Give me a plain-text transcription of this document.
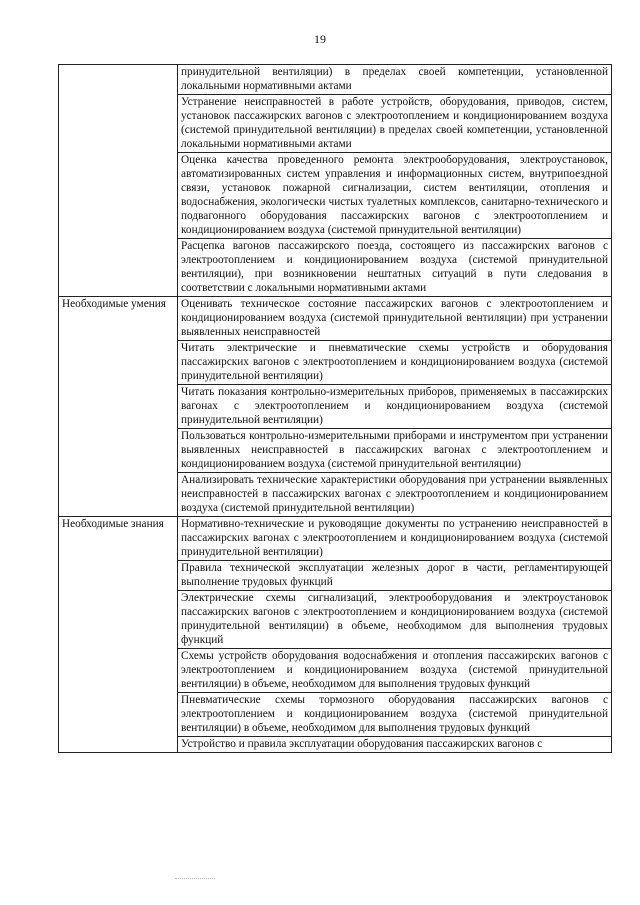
19
	принудительной вентиляции) в пределах своей компетенции, установленной локальными нормативными актами
	Устранение неисправностей в работе устройств, оборудования, приводов, систем, установок пассажирских вагонов с электроотоплением и кондиционированием воздуха (системой принудительной вентиляции) в пределах своей компетенции, установленной локальными нормативными актами
	Оценка качества проведенного ремонта электрооборудования, электроустановок, автоматизированных систем управления и информационных систем, внутрипоездной связи, установок пожарной сигнализации, систем вентиляции, отопления и водоснабжения, экологически чистых туалетных комплексов, санитарно-технического и подвагонного оборудования пассажирских вагонов с электроотоплением и кондиционированием воздуха (системой принудительной вентиляции)
	Расцепка вагонов пассажирского поезда, состоящего из пассажирских вагонов с электроотоплением и кондиционированием воздуха (системой принудительной вентиляции), при возникновении нештатных ситуаций в пути следования в соответствии с локальными нормативными актами

Необходимые умения	Оценивать техническое состояние пассажирских вагонов с электроотоплением и кондиционированием воздуха (системой принудительной вентиляции) при устранении выявленных неисправностей
	Читать электрические и пневматические схемы устройств и оборудования пассажирских вагонов с электроотоплением и кондиционированием воздуха (системой принудительной вентиляции)
	Читать показания контрольно-измерительных приборов, применяемых в пассажирских вагонах с электроотоплением и кондиционированием воздуха (системой принудительной вентиляции)
	Пользоваться контрольно-измерительными приборами и инструментом при устранении выявленных неисправностей в пассажирских вагонах с электроотоплением и кондиционированием воздуха (системой принудительной вентиляции)
	Анализировать технические характеристики оборудования при устранении выявленных неисправностей в пассажирских вагонах с электроотоплением и кондиционированием воздуха (системой принудительной вентиляции)

Необходимые знания	Нормативно-технические и руководящие документы по устранению неисправностей в пассажирских вагонах с электроотоплением и кондиционированием воздуха (системой принудительной вентиляции)
	Правила технической эксплуатации железных дорог в части, регламентирующей выполнение трудовых функций
	Электрические схемы сигнализаций, электрооборудования и электроустановок пассажирских вагонов с электроотоплением и кондиционированием воздуха (системой принудительной вентиляции) в объеме, необходимом для выполнения трудовых функций
	Схемы устройств оборудования водоснабжения и отопления пассажирских вагонов с электроотоплением и кондиционированием воздуха (системой принудительной вентиляции) в объеме, необходимом для выполнения трудовых функций
	Пневматические схемы тормозного оборудования пассажирских вагонов с электроотоплением и кондиционированием воздуха (системой принудительной вентиляции) в объеме, необходимом для выполнения трудовых функций
	Устройство и правила эксплуатации оборудования пассажирских вагонов с
